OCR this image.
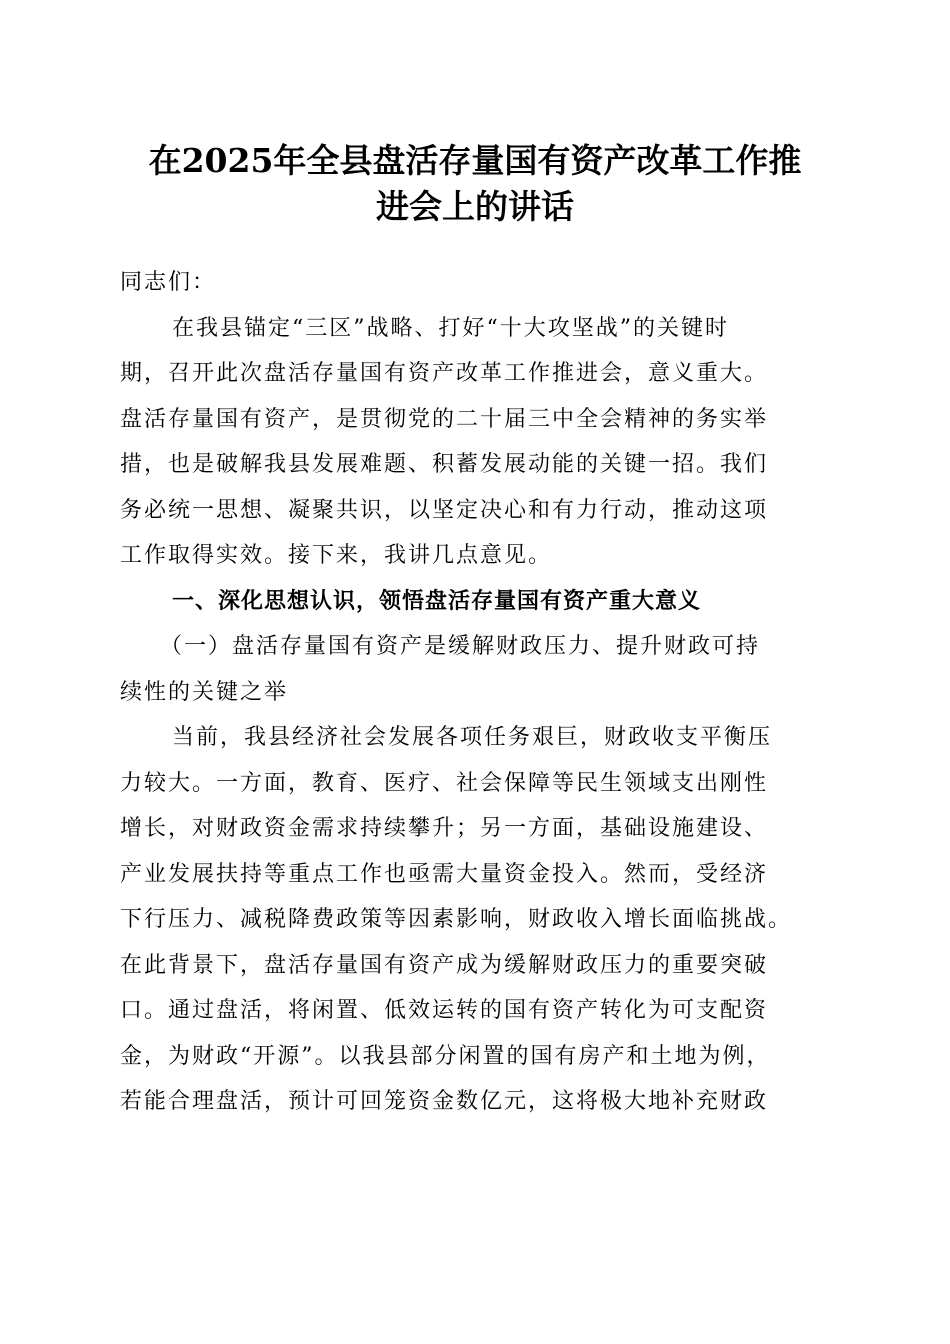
在2025年全县盘活存量国有资产改革工作推
进会上的讲话
同志们：
在我县锚定“三区”战略、打好“十大攻坚战”的关键时
期，召开此次盘活存量国有资产改革工作推进会，意义重大。
盘活存量国有资产，是贯彻党的二十届三中全会精神的务实举
措，也是破解我县发展难题、积蓄发展动能的关键一招。我们
务必统一思想、凝聚共识，以坚定决心和有力行动，推动这项
工作取得实效。接下来，我讲几点意见。
一、深化思想认识，领悟盘活存量国有资产重大意义
（一）盘活存量国有资产是缓解财政压力、提升财政可持
续性的关键之举
当前，我县经济社会发展各项任务艰巨，财政收支平衡压
力较大。一方面，教育、医疗、社会保障等民生领域支出刚性
增长，对财政资金需求持续攀升；另一方面，基础设施建设、
产业发展扶持等重点工作也亟需大量资金投入。然而，受经济
下行压力、减税降费政策等因素影响，财政收入增长面临挑战。
在此背景下，盘活存量国有资产成为缓解财政压力的重要突破
口。通过盘活，将闲置、低效运转的国有资产转化为可支配资
金，为财政“开源”。以我县部分闲置的国有房产和土地为例，
若能合理盘活，预计可回笼资金数亿元，这将极大地补充财政
